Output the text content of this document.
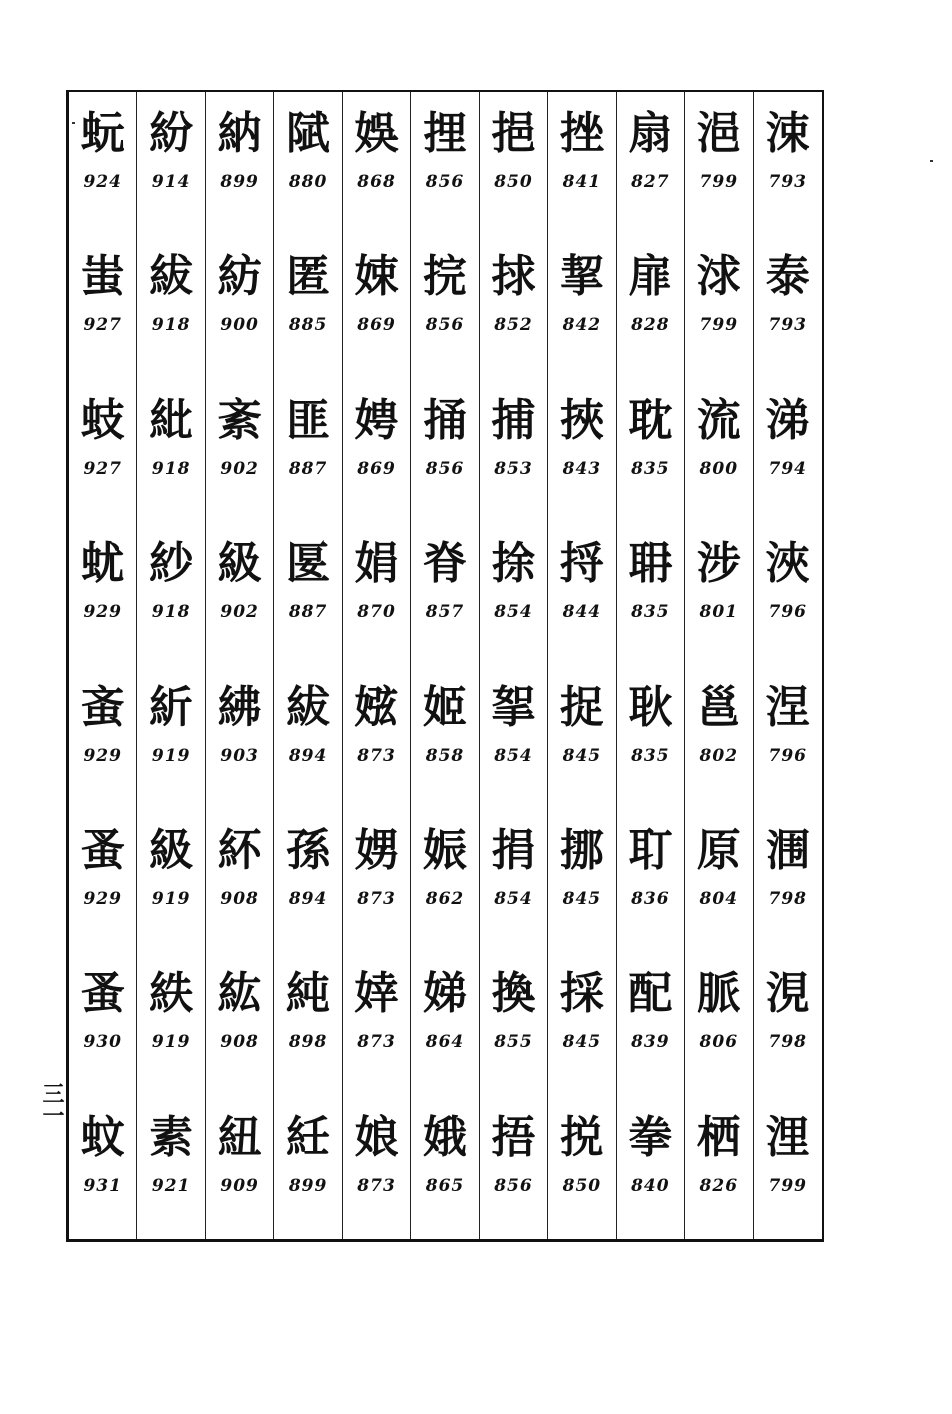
蚖
924
蚩
927
蚑
927
蚘
929
蚉
929
蚤
929
蚤
930
蚊
931
紛
914
紱
918
紕
918
紗
918
紤
919
級
919
紩
919
素
921
納
899
紡
900
紊
902
級
902
紼
903
紑
908
紘
908
紐
909
陚
880
匿
885
匪
887
匽
887
紱
894
孫
894
純
898
紝
899
娛
868
娕
869
娉
869
娟
870
娹
873
娚
873
婞
873
娘
873
捚
856
捖
856
捅
856
脊
857
姬
858
娠
862
娣
864
娥
865
挹
850
捄
852
捕
853
捈
854
挐
854
捐
854
換
855
捂
856
挫
841
挈
842
挾
843
捋
844
捉
845
挪
845
採
845
捝
850
扇
827
扉
828
耽
835
耼
835
耿
835
耵
836
配
839
拳
840
浥
799
浗
799
流
800
涉
801
邕
802
原
804
脈
806
栖
826
涑
793
泰
793
涕
794
浹
796
涅
796
涠
798
涀
798
浬
799
三一
